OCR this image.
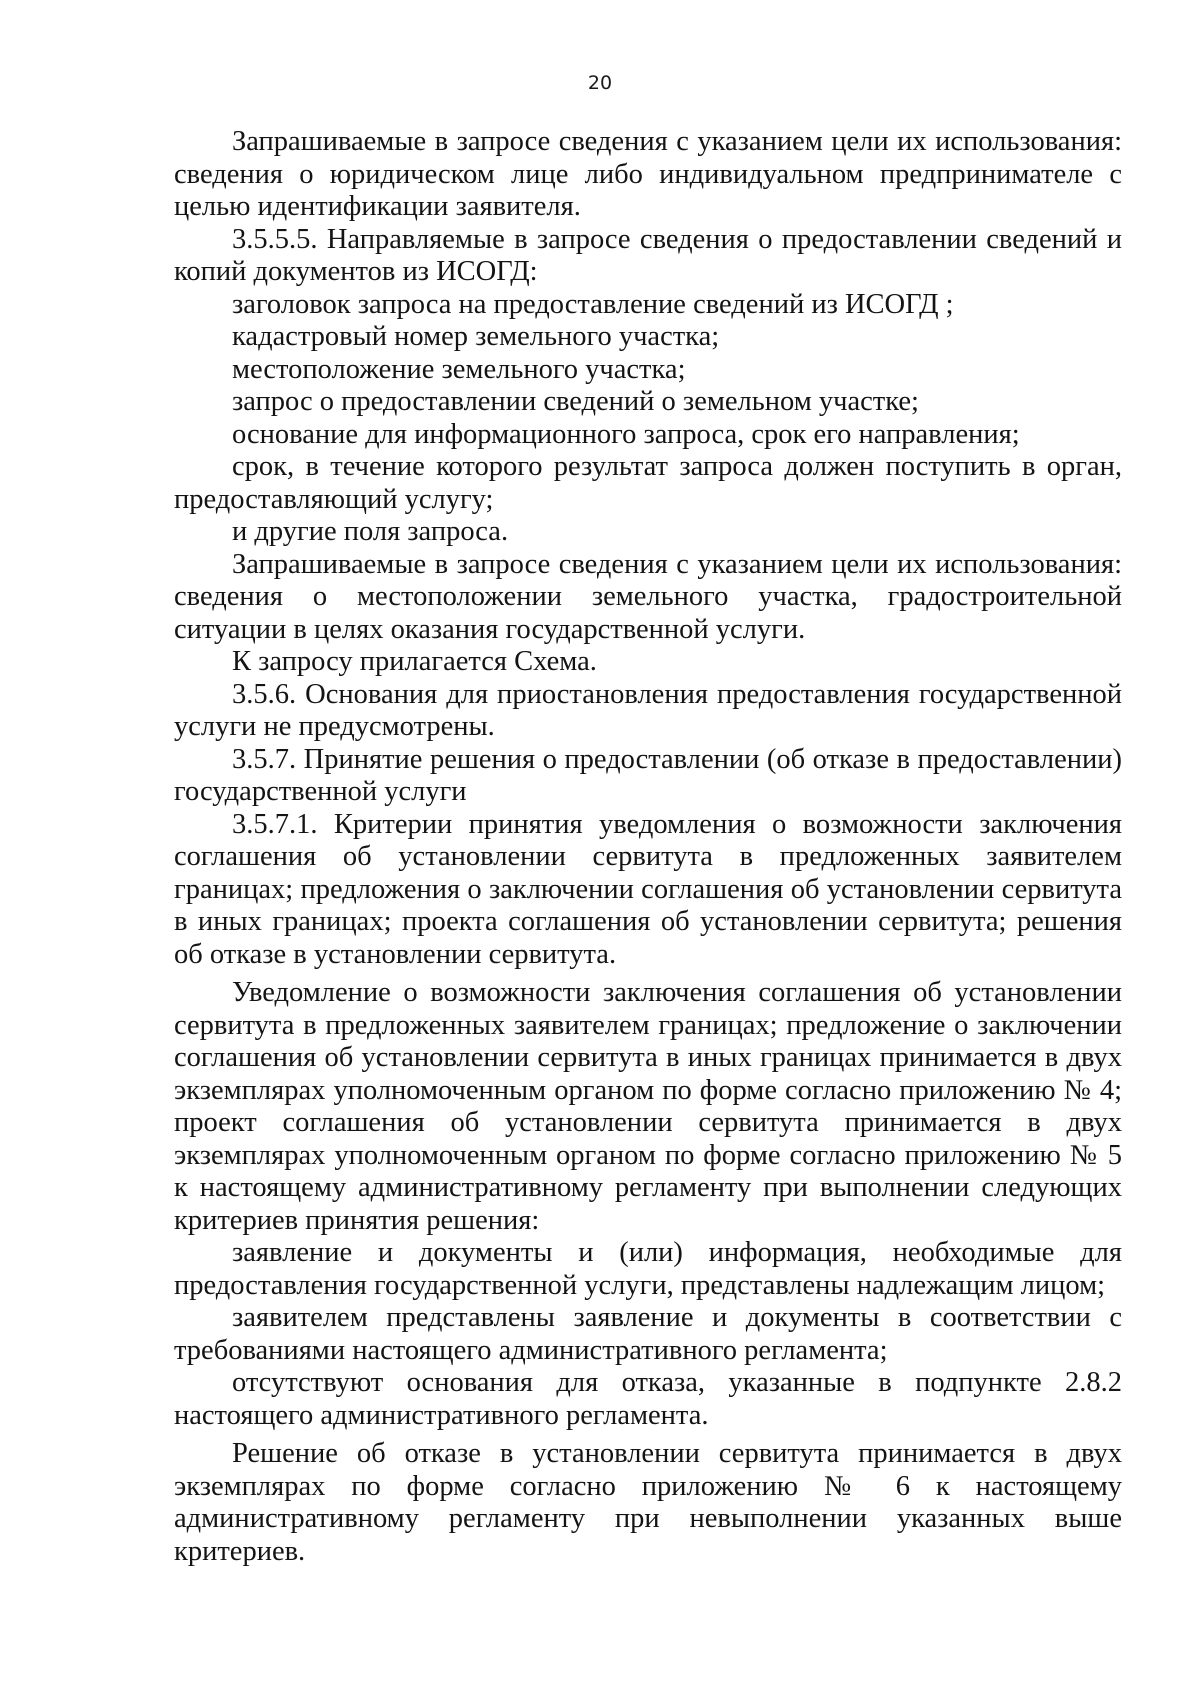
20

Запрашиваемые в запросе сведения с указанием цели их использования: сведения о юридическом лице либо индивидуальном предпринимателе с целью идентификации заявителя.

3.5.5.5. Направляемые в запросе сведения о предоставлении сведений и копий документов из ИСОГД:

заголовок запроса на предоставление сведений из ИСОГД ;

кадастровый номер земельного участка;

местоположение земельного участка;

запрос о предоставлении сведений о земельном участке;

основание для информационного запроса, срок его направления;

срок, в течение которого результат запроса должен поступить в орган, предоставляющий услугу;

и другие поля запроса.

Запрашиваемые в запросе сведения с указанием цели их использования: сведения о местоположении земельного участка, градостроительной ситуации в целях оказания государственной услуги.

К запросу прилагается Схема.

3.5.6. Основания для приостановления предоставления государственной услуги не предусмотрены.

3.5.7. Принятие решения о предоставлении (об отказе в предоставлении) государственной услуги

3.5.7.1. Критерии принятия уведомления о возможности заключения соглашения об установлении сервитута в предложенных заявителем границах; предложения о заключении соглашения об установлении сервитута в иных границах; проекта соглашения об установлении сервитута; решения об отказе в установлении сервитута.

Уведомление о возможности заключения соглашения об установлении сервитута в предложенных заявителем границах; предложение о заключении соглашения об установлении сервитута в иных границах принимается в двух экземплярах уполномоченным органом по форме согласно приложению № 4; проект соглашения об установлении сервитута принимается в двух экземплярах уполномоченным органом по форме согласно приложению № 5 к настоящему административному регламенту при выполнении следующих критериев принятия решения:

заявление и документы и (или) информация, необходимые для предоставления государственной услуги, представлены надлежащим лицом;

заявителем представлены заявление и документы в соответствии с требованиями настоящего административного регламента;

отсутствуют основания для отказа, указанные в подпункте 2.8.2 настоящего административного регламента.

Решение об отказе в установлении сервитута принимается в двух экземплярах по форме согласно приложению № 6 к настоящему административному регламенту при невыполнении указанных выше критериев.
